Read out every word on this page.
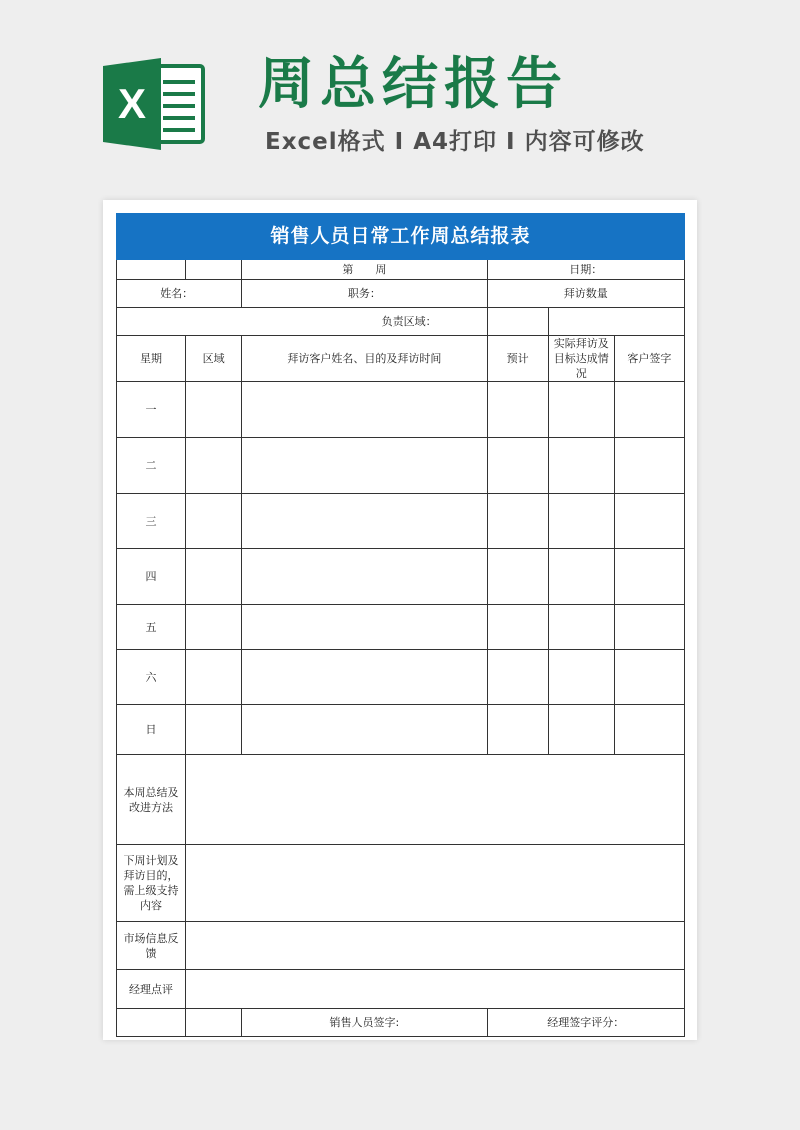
X 周总结报告
Excel格式 I A4打印 I 内容可修改
销售人员日常工作周总结报表					
		第　　周	日期：		
姓名：		职务：	拜访数量		
负责区域：					
星期	区域	拜访客户姓名、目的及拜访时间	预计	实际拜访及目标达成情况	客户签字
一					
二					
三					
四					
五					
六					
日					
本周总结及改进方法					
下周计划及拜访目的，需上级支持内容					
市场信息反馈					
经理点评					
		销售人员签字:	经理签字评分：		
